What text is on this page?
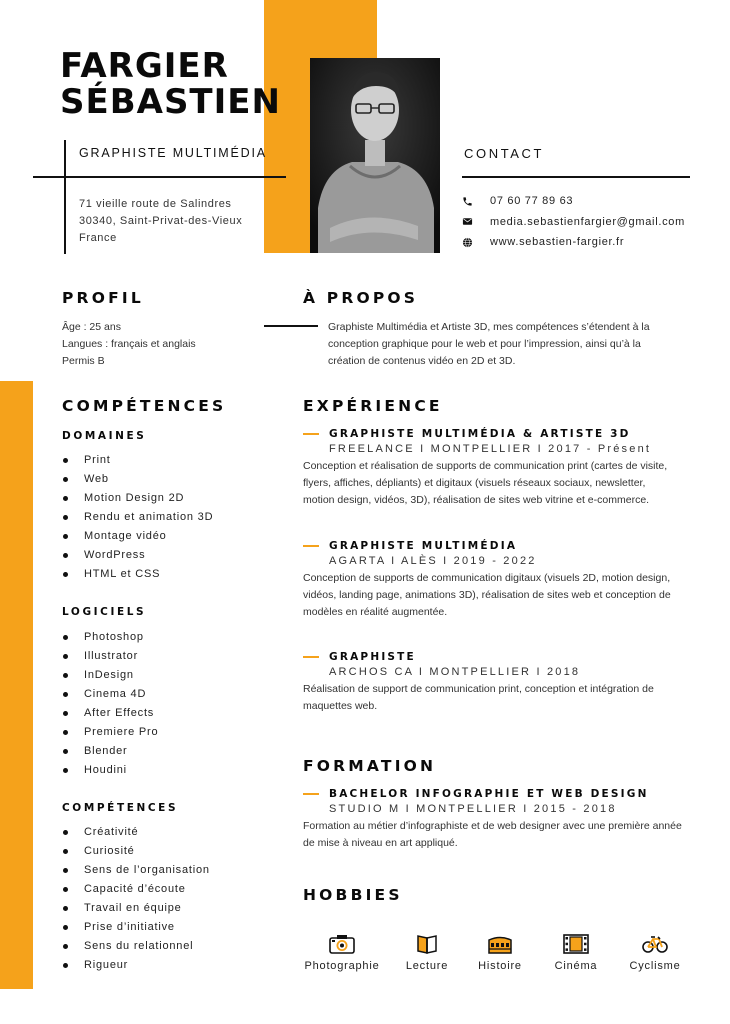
FARGIER
SÉBASTIEN
GRAPHISTE MULTIMÉDIA
71 vieille route de Salindres
30340, Saint-Privat-des-Vieux
France
CONTACT
07 60 77 89 63
media.sebastienfargier@gmail.com
www.sebastien-fargier.fr
PROFIL
Âge : 25 ans
Langues : français et anglais
Permis B
À PROPOS
Graphiste Multimédia et Artiste 3D, mes compétences s’étendent à la
conception graphique pour le web et pour l’impression, ainsi qu’à la
création de contenus vidéo en 2D et 3D.
COMPÉTENCES
DOMAINES
Print
Web
Motion Design 2D
Rendu et animation 3D
Montage vidéo
WordPress
HTML et CSS
LOGICIELS
Photoshop
Illustrator
InDesign
Cinema 4D
After Effects
Premiere Pro
Blender
Houdini
COMPÉTENCES
Créativité
Curiosité
Sens de l’organisation
Capacité d’écoute
Travail en équipe
Prise d’initiative
Sens du relationnel
Rigueur
EXPÉRIENCE
GRAPHISTE MULTIMÉDIA & ARTISTE 3D
FREELANCE I MONTPELLIER I 2017 - Présent
Conception et réalisation de supports de communication print (cartes de visite,
flyers, affiches, dépliants) et digitaux (visuels réseaux sociaux, newsletter,
motion design, vidéos, 3D), réalisation de sites web vitrine et e-commerce.
GRAPHISTE MULTIMÉDIA
AGARTA I ALÈS I 2019 - 2022
Conception de supports de communication digitaux (visuels 2D, motion design,
vidéos, landing page, animations 3D), réalisation de sites web et conception de
modèles en réalité augmentée.
GRAPHISTE
ARCHOS CA I MONTPELLIER I 2018
Réalisation de support de communication print, conception et intégration de
maquettes web.
FORMATION
BACHELOR INFOGRAPHIE ET WEB DESIGN
STUDIO M I MONTPELLIER I 2015 - 2018
Formation au métier d’infographiste et de web designer avec une première année
de mise à niveau en art appliqué.
HOBBIES
Photographie Lecture	Histoire	Cinéma	Cyclisme
